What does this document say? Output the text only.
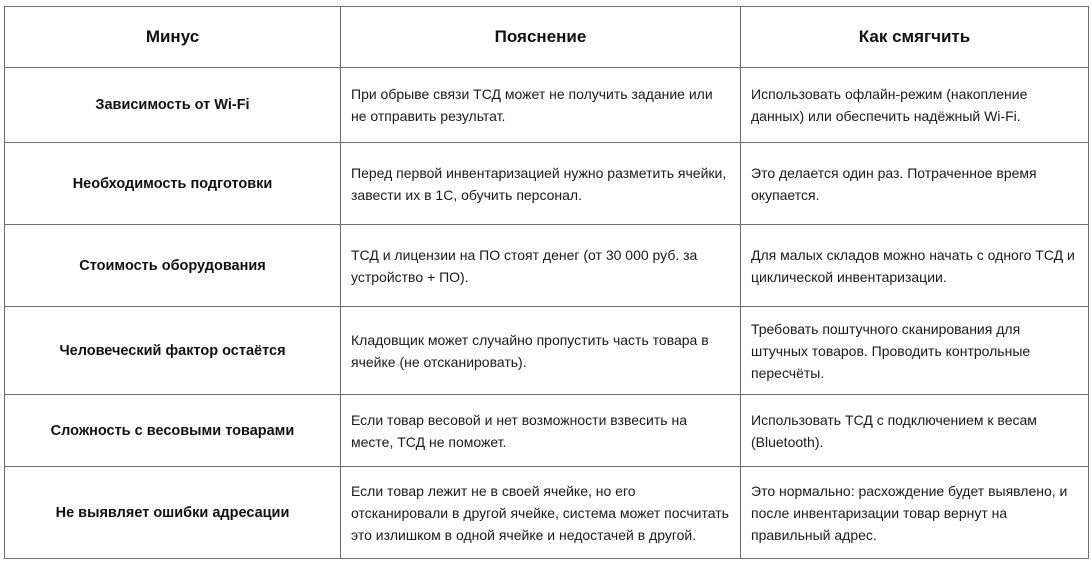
Минус	Пояснение	Как смягчить
Зависимость от Wi-Fi	При обрыве связи ТСД может не получить задание или не отправить результат.	Использовать офлайн-режим (накопление данных) или обеспечить надёжный Wi-Fi.
Необходимость подготовки	Перед первой инвентаризацией нужно разметить ячейки, завести их в 1С, обучить персонал.	Это делается один раз. Потраченное время окупается.
Стоимость оборудования	ТСД и лицензии на ПО стоят денег (от 30 000 руб. за устройство + ПО).	Для малых складов можно начать с одного ТСД и циклической инвентаризации.
Человеческий фактор остаётся	Кладовщик может случайно пропустить часть товара в ячейке (не отсканировать).	Требовать поштучного сканирования для штучных товаров. Проводить контрольные пересчёты.
Сложность с весовыми товарами	Если товар весовой и нет возможности взвесить на месте, ТСД не поможет.	Использовать ТСД с подключением к весам (Bluetooth).
Не выявляет ошибки адресации	Если товар лежит не в своей ячейке, но его отсканировали в другой ячейке, система может посчитать это излишком в одной ячейке и недостачей в другой.	Это нормально: расхождение будет выявлено, и после инвентаризации товар вернут на правильный адрес.
